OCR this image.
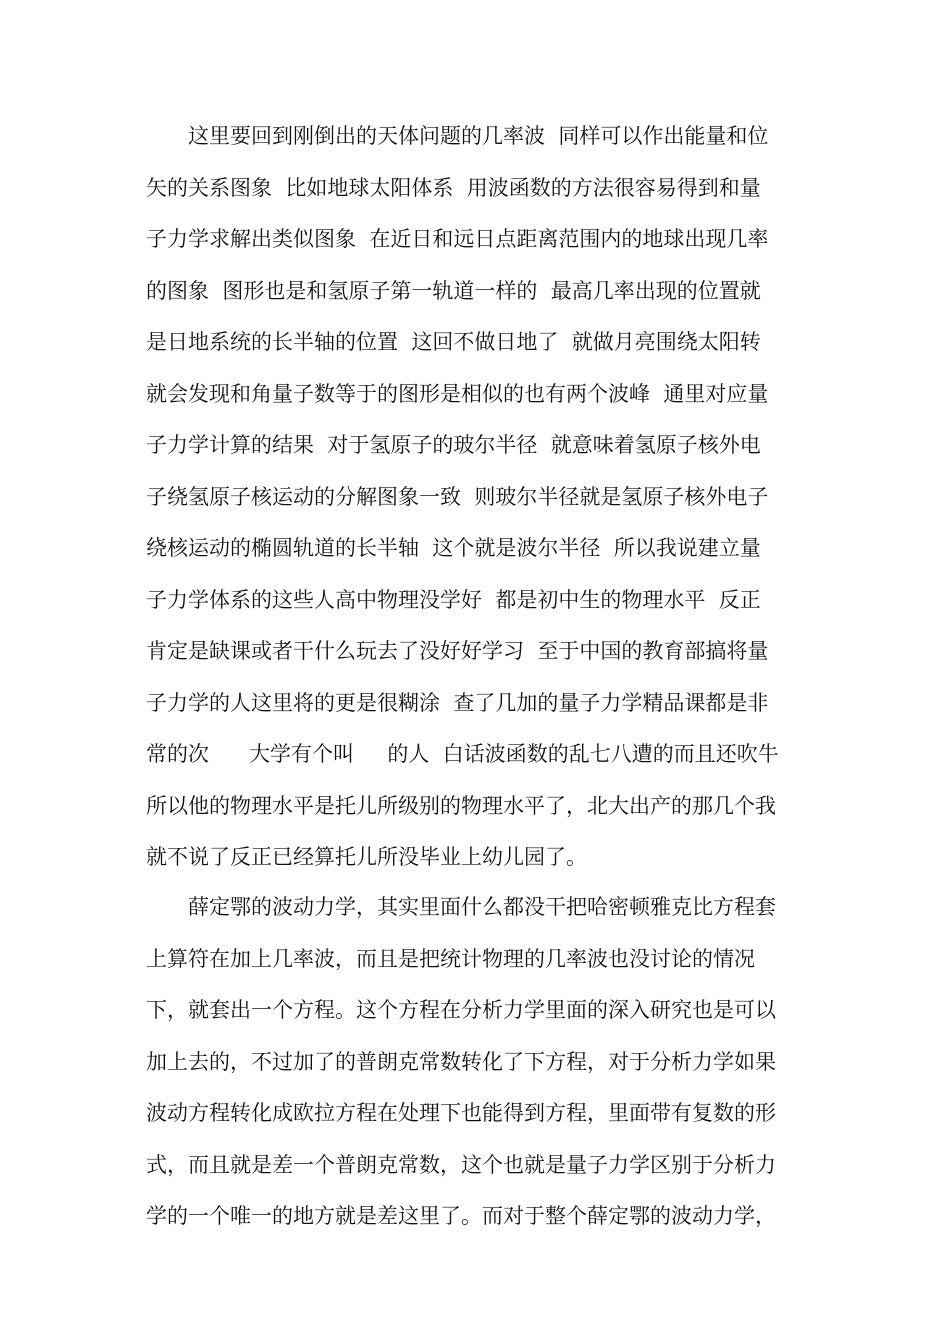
这里要回到刚倒出的天体问题的几率波  同样可以作出能量和位
矢的关系图象  比如地球太阳体系  用波函数的方法很容易得到和量
子力学求解出类似图象  在近日和远日点距离范围内的地球出现几率
的图象  图形也是和氢原子第一轨道一样的  最高几率出现的位置就
是日地系统的长半轴的位置  这回不做日地了  就做月亮围绕太阳转
就会发现和角量子数等于的图形是相似的也有两个波峰  通里对应量
子力学计算的结果  对于氢原子的玻尔半径  就意味着氢原子核外电
子绕氢原子核运动的分解图象一致  则玻尔半径就是氢原子核外电子
绕核运动的椭圆轨道的长半轴  这个就是波尔半径  所以我说建立量
子力学体系的这些人高中物理没学好  都是初中生的物理水平  反正
肯定是缺课或者干什么玩去了没好好学习  至于中国的教育部搞将量
子力学的人这里将的更是很糊涂  查了几加的量子力学精品课都是非
常的次      大学有个叫     的人  白话波函数的乱七八遭的而且还吹牛
所以他的物理水平是托儿所级别的物理水平了，北大出产的那几个我
就不说了反正已经算托儿所没毕业上幼儿园了。
薛定鄂的波动力学，其实里面什么都没干把哈密顿雅克比方程套
上算符在加上几率波，而且是把统计物理的几率波也没讨论的情况
下，就套出一个方程。这个方程在分析力学里面的深入研究也是可以
加上去的，不过加了的普朗克常数转化了下方程，对于分析力学如果
波动方程转化成欧拉方程在处理下也能得到方程，里面带有复数的形
式，而且就是差一个普朗克常数，这个也就是量子力学区别于分析力
学的一个唯一的地方就是差这里了。而对于整个薛定鄂的波动力学，
